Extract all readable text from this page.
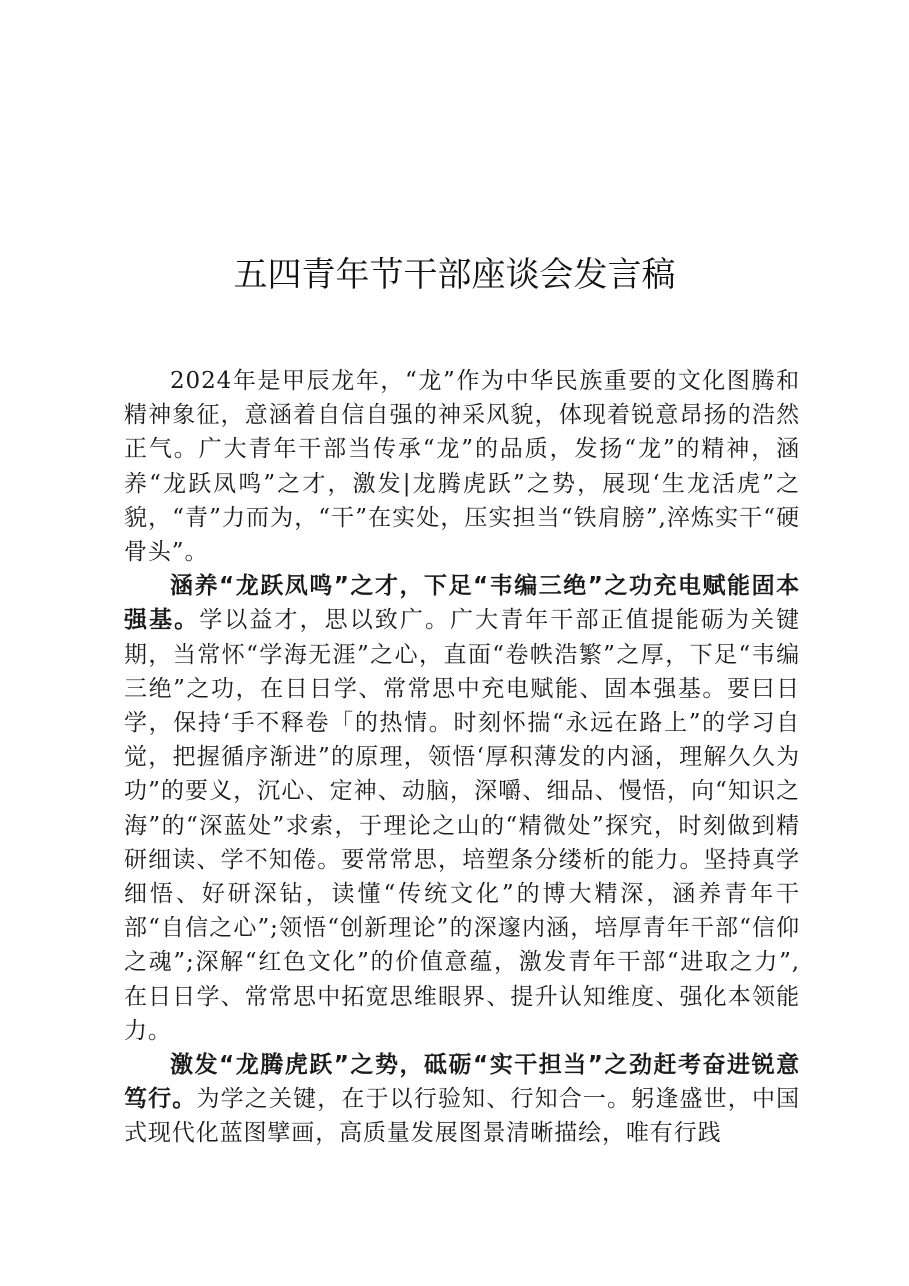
五四青年节干部座谈会发言稿

2024年是甲辰龙年，“龙”作为中华民族重要的文化图腾和精神象征，意涵着自信自强的神采风貌，体现着锐意昂扬的浩然正气。广大青年干部当传承“龙”的品质，发扬“龙”的精神，涵养“龙跃凤鸣”之才，激发|龙腾虎跃”之势，展现‘生龙活虎”之貌，“青”力而为，“干”在实处，压实担当“铁肩膀”,淬炼实干“硬骨头”。

涵养“龙跃凤鸣”之才，下足“韦编三绝”之功充电赋能固本强基。学以益才，思以致广。广大青年干部正值提能砺为关键期，当常怀“学海无涯”之心，直面“卷帙浩繁”之厚，下足“韦编三绝”之功，在日日学、常常思中充电赋能、固本强基。要曰日学，保持‘手不释卷「的热情。时刻怀揣“永远在路上”的学习自觉，把握循序渐进”的原理，领悟‘厚积薄发的内涵，理解久久为功”的要义，沉心、定神、动脑，深嚼、细品、慢悟，向“知识之海”的“深蓝处”求索，于理论之山的“精微处”探究，时刻做到精研细读、学不知倦。要常常思，培塑条分缕析的能力。坚持真学细悟、好研深钻，读懂“传统文化”的博大精深，涵养青年干部“自信之心”;领悟“创新理论”的深邃内涵，培厚青年干部“信仰之魂”;深解“红色文化”的价值意蕴，激发青年干部“进取之力”,在日日学、常常思中拓宽思维眼界、提升认知维度、强化本领能力。

激发“龙腾虎跃”之势，砥砺“实干担当”之劲赶考奋进锐意笃行。为学之关键，在于以行验知、行知合一。躬逢盛世，中国式现代化蓝图擘画，高质量发展图景清晰描绘，唯有行践
